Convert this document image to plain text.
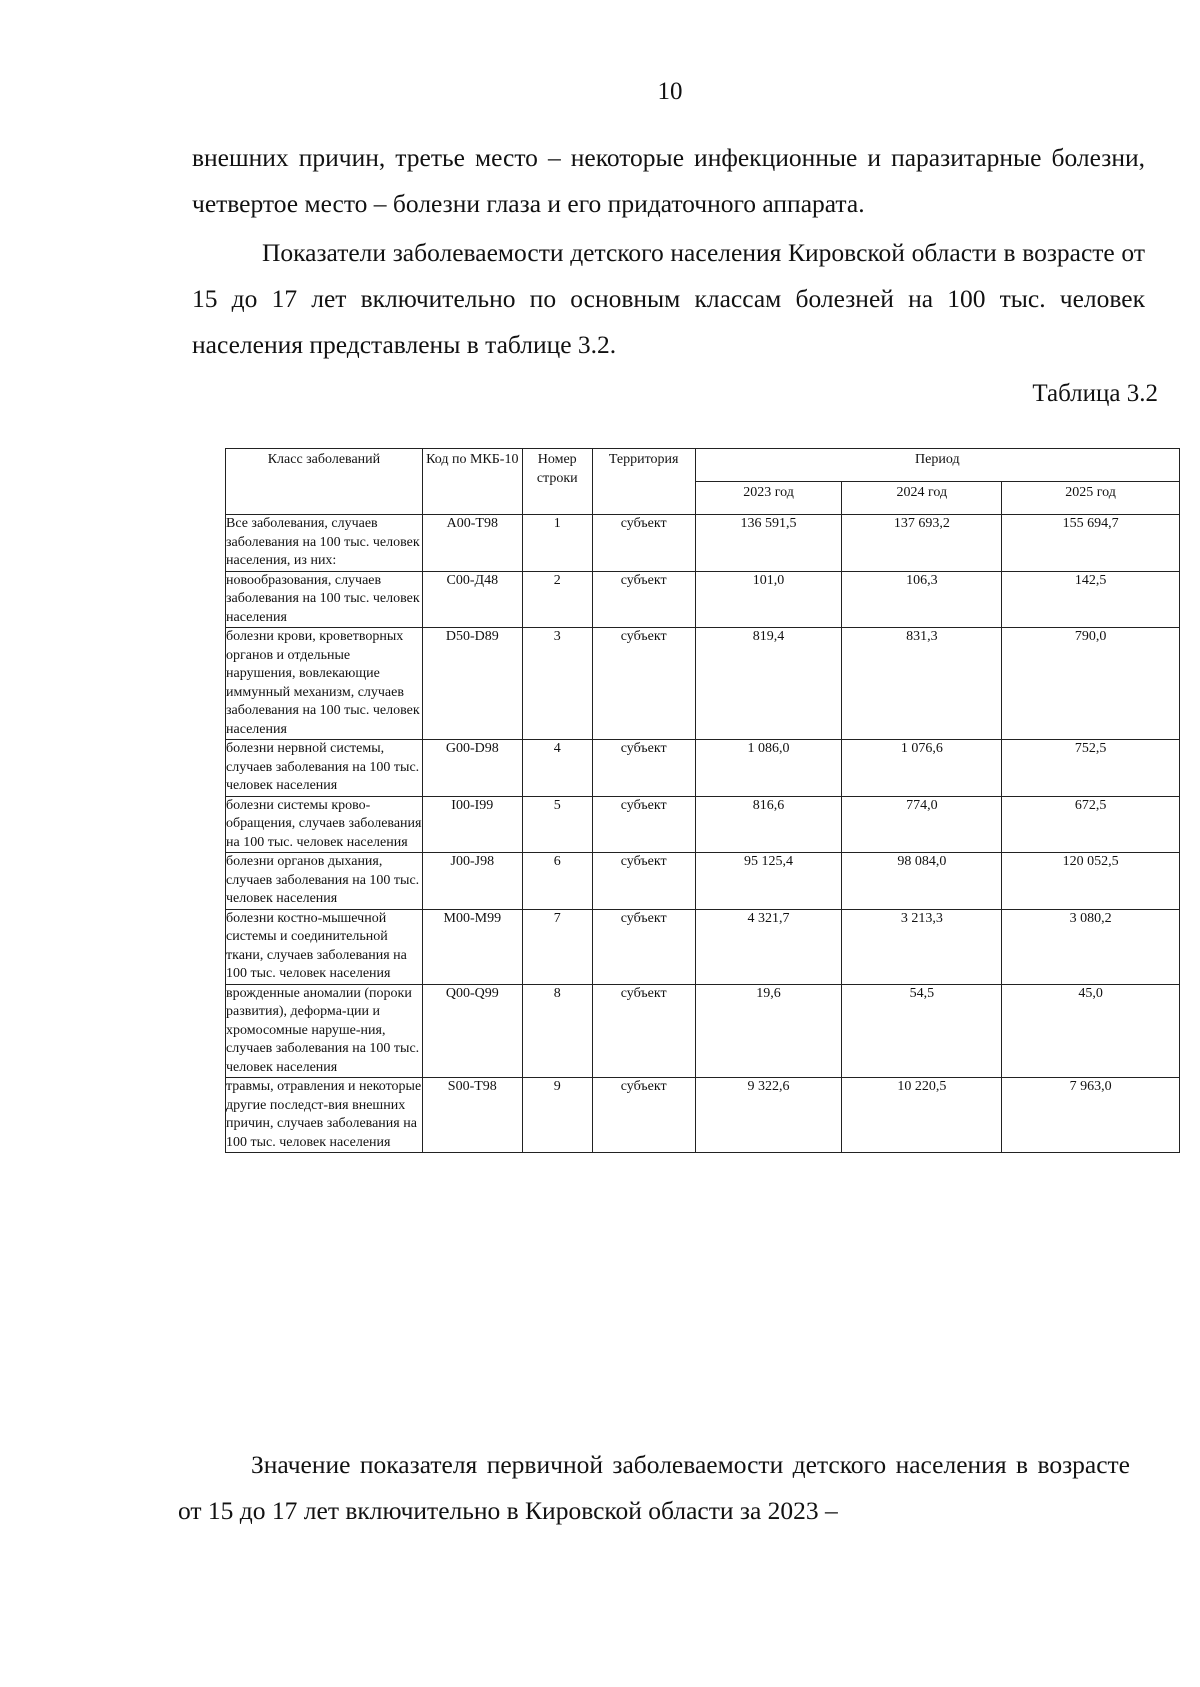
10

внешних причин, третье место – некоторые инфекционные и паразитарные болезни, четвертое место – болезни глаза и его придаточного аппарата.

Показатели заболеваемости детского населения Кировской области в возрасте от 15 до 17 лет включительно по основным классам болезней на 100 тыс. человек населения представлены в таблице 3.2.

Таблица 3.2
Класс заболеваний	Код по МКБ-10	Номер строки	Территория	Период		
				2023 год	2024 год	2025 год
Все заболевания, случаев заболевания на 100 тыс. человек населения, из них:	A00-T98	1	субъект	136 591,5	137 693,2	155 694,7
новообразования, случаев заболевания на 100 тыс. человек населения	C00-Д48	2	субъект	101,0	106,3	142,5
болезни крови, кроветворных органов и отдельные нарушения, вовлекающие иммунный механизм, случаев заболевания на 100 тыс. человек населения	D50-D89	3	субъект	819,4	831,3	790,0
болезни нервной системы, случаев заболевания на 100 тыс. человек населения	G00-D98	4	субъект	1 086,0	1 076,6	752,5
болезни системы крово-обращения, случаев заболевания на 100 тыс. человек населения	I00-I99	5	субъект	816,6	774,0	672,5
болезни органов дыхания, случаев заболевания на 100 тыс. человек населения	J00-J98	6	субъект	95 125,4	98 084,0	120 052,5
болезни костно-мышечной системы и соединительной ткани, случаев заболевания на 100 тыс. человек населения	M00-M99	7	субъект	4 321,7	3 213,3	3 080,2
врожденные аномалии (пороки развития), деформа-ции и хромосомные наруше-ния, случаев заболевания на 100 тыс. человек населения	Q00-Q99	8	субъект	19,6	54,5	45,0
травмы, отравления и некоторые другие последст-вия внешних причин, случаев заболевания на 100 тыс. человек населения	S00-T98	9	субъект	9 322,6	10 220,5	7 963,0

Значение показателя первичной заболеваемости детского населения в возрасте от 15 до 17 лет включительно в Кировской области за 2023 –
